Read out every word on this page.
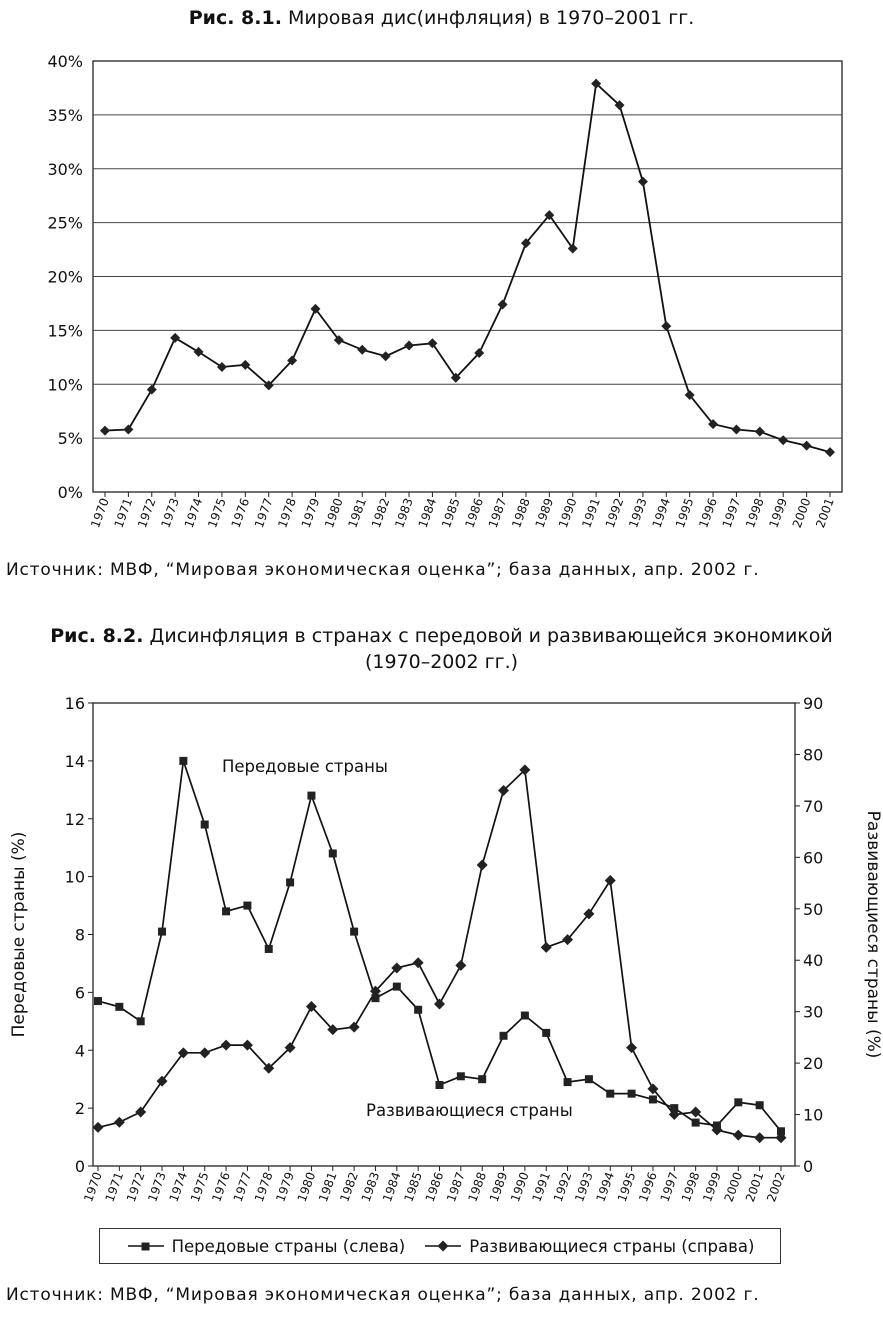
Рис. 8.1. Мировая дис(инфляция) в 1970–2001 гг.
0%
5%
10%
15%
20%
25%
30%
35%
40%
1970 1971 1972 1973 1974 1975 1976 1977 1978 1979 1980 1981 1982 1983 1984 1985 1986 1987 1988 1989 1990 1991 1992 1993 1994 1995 1996 1997 1998 1999 2000 2001
Источник: МВФ, “Мировая экономическая оценка”; база данных, апр. 2002 г.
Рис. 8.2. Дисинфляция в странах с передовой и развивающейся экономикой
(1970–2002 гг.)
0
2
4
6
8
10
12
14
16
0
10
20
30
40
50
60
70
80
90
Передовые страны (%)	Развивающиеся страны (%)
1970
1971
1972
1973
1974
1975
1976
1977
1978
1979
1980
1981
1982
1983
1984
1985
1986
1987
1988
1989
1990
1991
1992
1993
1994
1995
1996
1997
1998
1999
2000
2001
2002
Передовые страны
Развивающиеся страны
Передовые страны (слева)	Развивающиеся страны (справа)
Источник: МВФ, “Мировая экономическая оценка”; база данных, апр. 2002 г.
